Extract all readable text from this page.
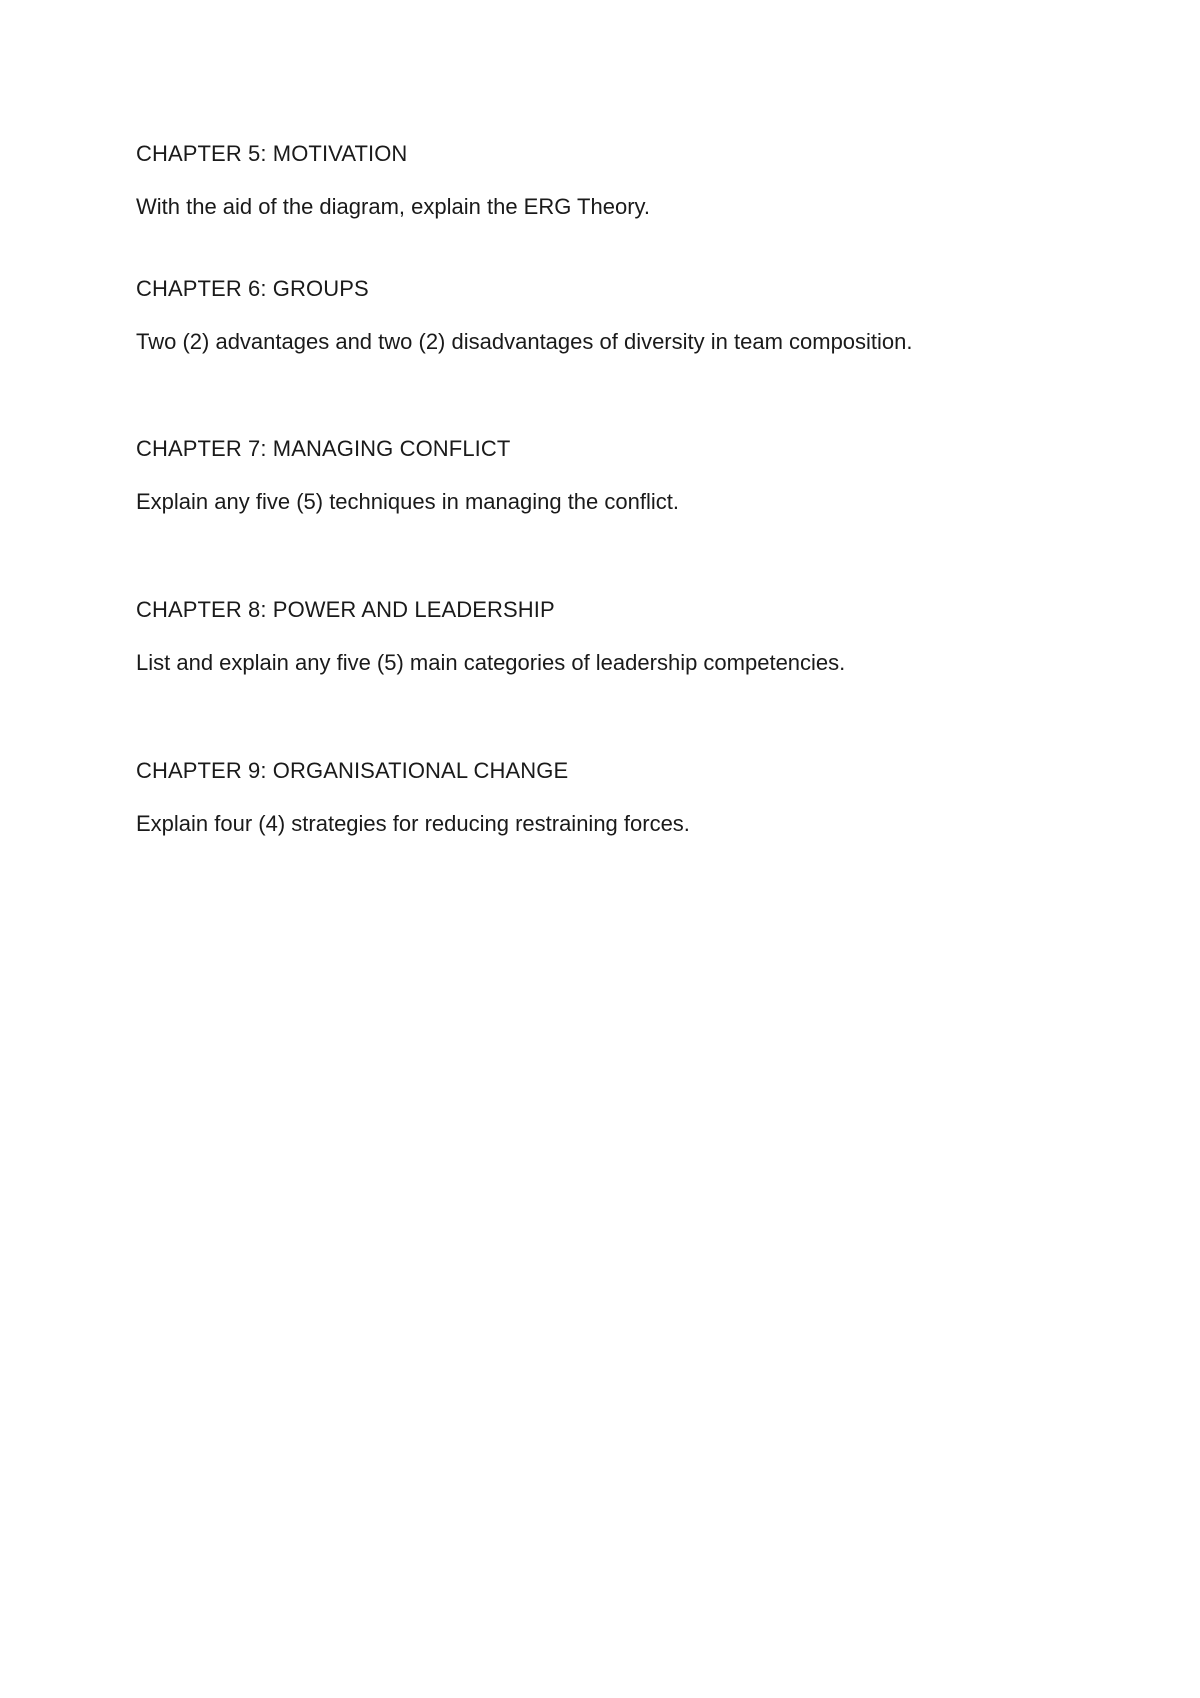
CHAPTER 5: MOTIVATION

With the aid of the diagram, explain the ERG Theory.

CHAPTER 6: GROUPS

Two (2) advantages and two (2) disadvantages of diversity in team composition.

CHAPTER 7: MANAGING CONFLICT

Explain any five (5) techniques in managing the conflict.

CHAPTER 8: POWER AND LEADERSHIP

List and explain any five (5) main categories of leadership competencies.

CHAPTER 9: ORGANISATIONAL CHANGE

Explain four (4) strategies for reducing restraining forces.
